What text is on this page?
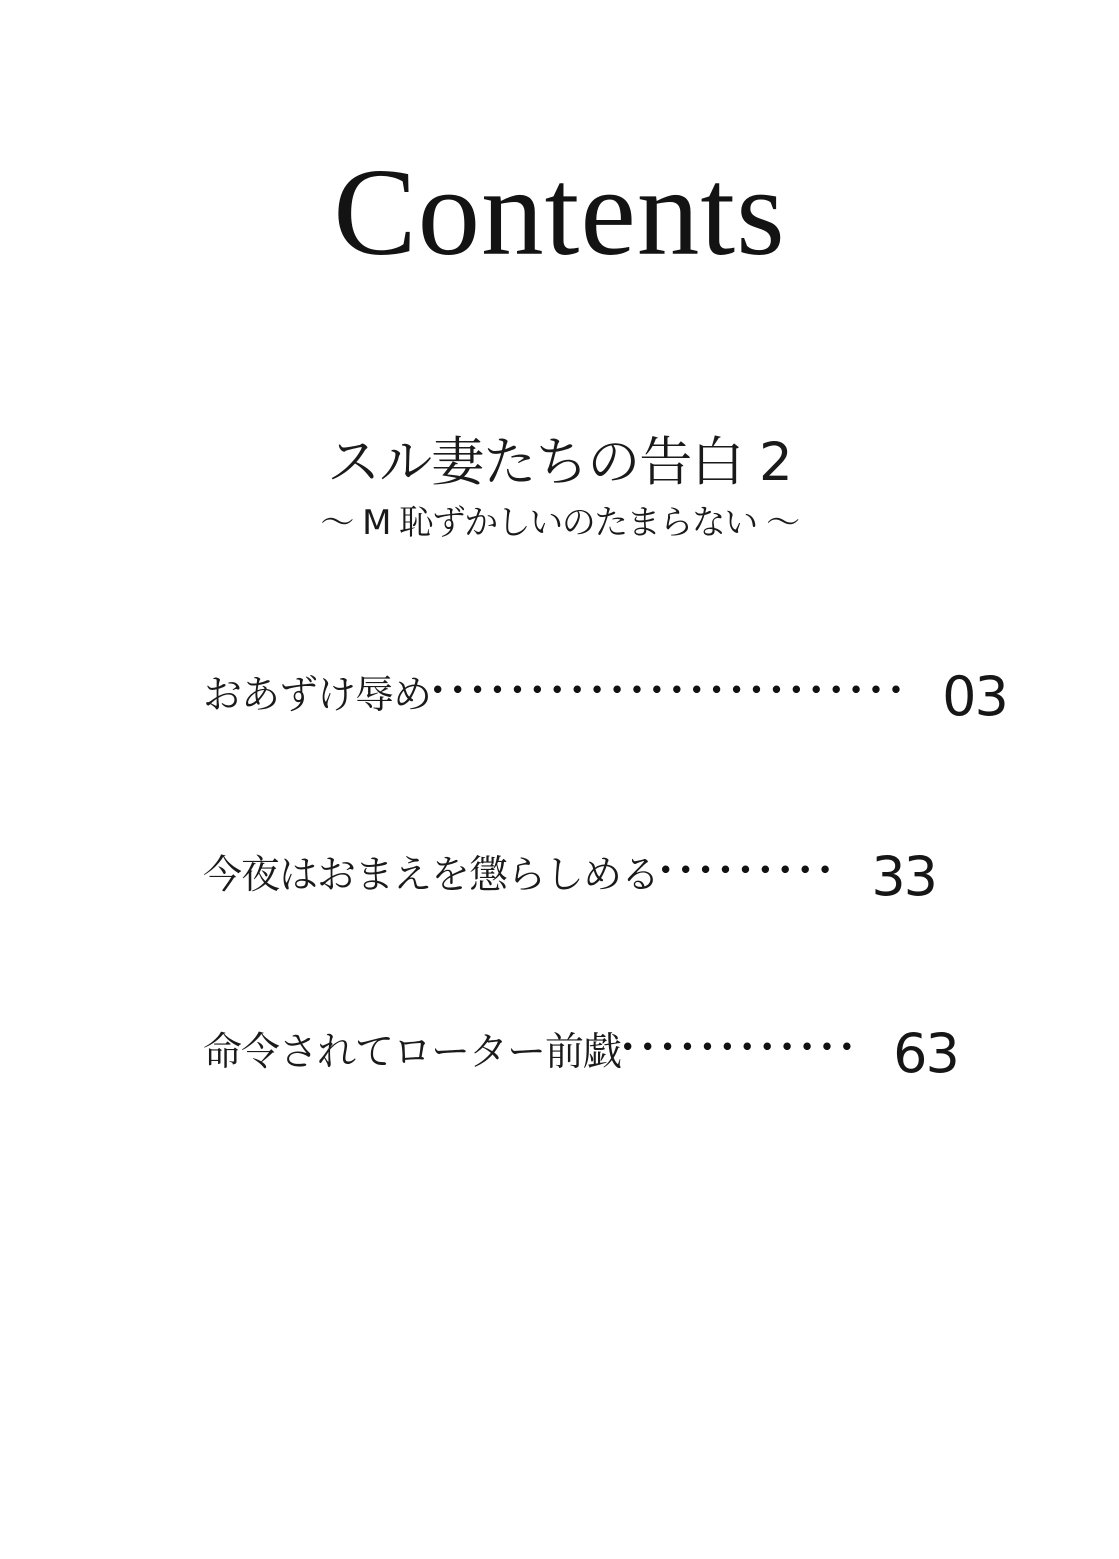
Contents
スル妻たちの告白 2
〜 M 恥ずかしいのたまらない 〜
おあずけ辱め •••••••••••••••••••••••• 03
今夜はおまえを懲らしめる ••••••••• 33
命令されてローター前戯 •••••••••••• 63
